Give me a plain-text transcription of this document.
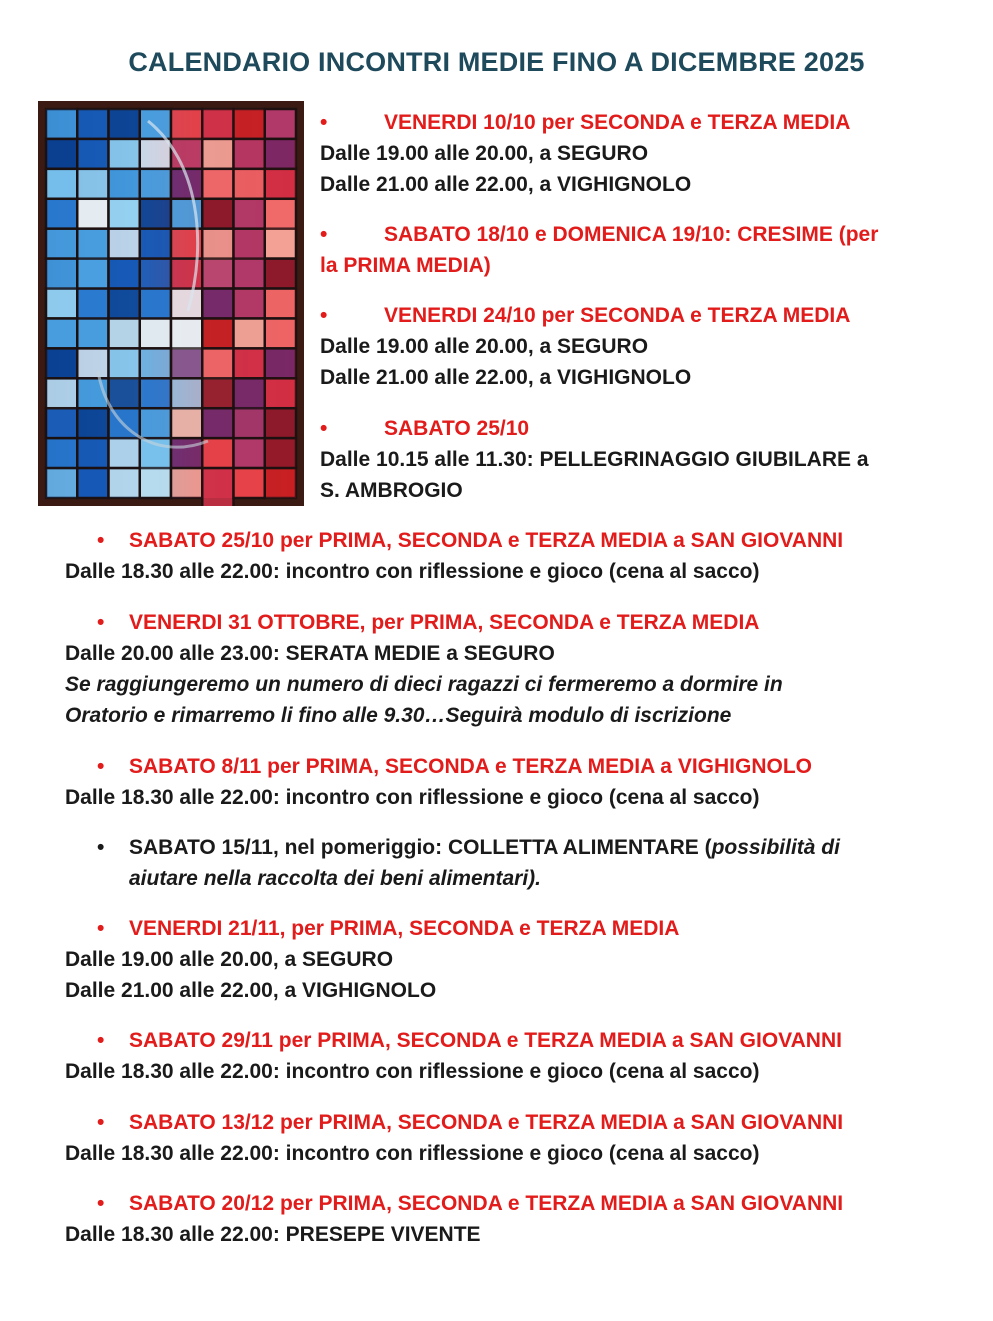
CALENDARIO INCONTRI MEDIE FINO A DICEMBRE 2025
•	VENERDI 10/10 per SECONDA e TERZA MEDIA
Dalle 19.00 alle 20.00, a SEGURO
Dalle 21.00 alle 22.00, a VIGHIGNOLO
•	SABATO 18/10 e DOMENICA 19/10: CRESIME (per
la PRIMA MEDIA)
•	VENERDI 24/10 per SECONDA e TERZA MEDIA
Dalle 19.00 alle 20.00, a SEGURO
Dalle 21.00 alle 22.00, a VIGHIGNOLO
•	SABATO 25/10
Dalle 10.15 alle 11.30: PELLEGRINAGGIO GIUBILARE a
S. AMBROGIO
• SABATO 25/10 per PRIMA, SECONDA e TERZA MEDIA a SAN GIOVANNI
Dalle 18.30 alle 22.00: incontro con riflessione e gioco (cena al sacco)
• VENERDI 31 OTTOBRE, per PRIMA, SECONDA e TERZA MEDIA
Dalle 20.00 alle 23.00: SERATA MEDIE a SEGURO
Se raggiungeremo un numero di dieci ragazzi ci fermeremo a dormire in
Oratorio e rimarremo li fino alle 9.30…Seguirà modulo di iscrizione
• SABATO 8/11 per PRIMA, SECONDA e TERZA MEDIA a VIGHIGNOLO
Dalle 18.30 alle 22.00: incontro con riflessione e gioco (cena al sacco)
• SABATO 15/11, nel pomeriggio: COLLETTA ALIMENTARE (possibilità di
aiutare nella raccolta dei beni alimentari).
• VENERDI 21/11, per PRIMA, SECONDA e TERZA MEDIA
Dalle 19.00 alle 20.00, a SEGURO
Dalle 21.00 alle 22.00, a VIGHIGNOLO
• SABATO 29/11 per PRIMA, SECONDA e TERZA MEDIA a SAN GIOVANNI
Dalle 18.30 alle 22.00: incontro con riflessione e gioco (cena al sacco)
• SABATO 13/12 per PRIMA, SECONDA e TERZA MEDIA a SAN GIOVANNI
Dalle 18.30 alle 22.00: incontro con riflessione e gioco (cena al sacco)
• SABATO 20/12 per PRIMA, SECONDA e TERZA MEDIA a SAN GIOVANNI
Dalle 18.30 alle 22.00: PRESEPE VIVENTE
